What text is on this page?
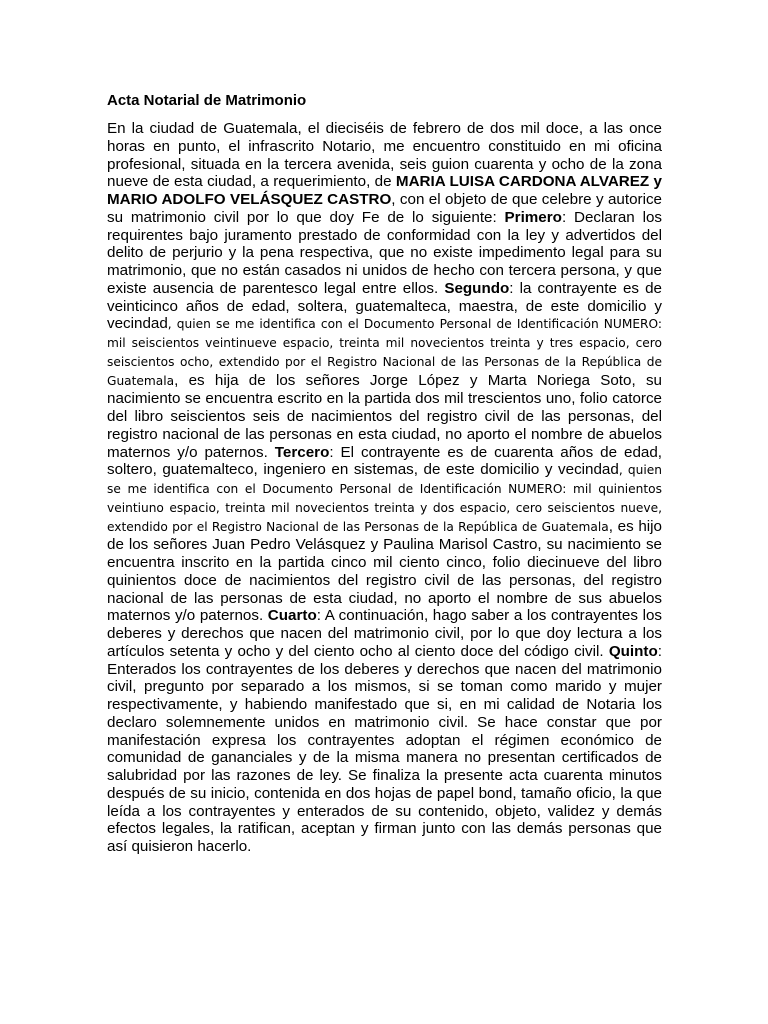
Acta Notarial de Matrimonio

En la ciudad de Guatemala, el dieciséis de febrero de dos mil doce, a las once horas en punto, el infrascrito Notario, me encuentro constituido en mi oficina profesional, situada en la tercera avenida, seis guion cuarenta y ocho de la zona nueve de esta ciudad, a requerimiento, de MARIA LUISA CARDONA ALVAREZ y MARIO ADOLFO VELÁSQUEZ CASTRO, con el objeto de que celebre y autorice su matrimonio civil por lo que doy Fe de lo siguiente: Primero: Declaran los requirentes bajo juramento prestado de conformidad con la ley y advertidos del delito de perjurio y la pena respectiva, que no existe impedimento legal para su matrimonio, que no están casados ni unidos de hecho con tercera persona, y que existe ausencia de parentesco legal entre ellos. Segundo: la contrayente es de veinticinco años de edad, soltera, guatemalteca, maestra, de este domicilio y vecindad, quien se me identifica con el Documento Personal de Identificación NUMERO: mil seiscientos veintinueve espacio, treinta mil novecientos treinta y tres espacio, cero seiscientos ocho, extendido por el Registro Nacional de las Personas de la República de Guatemala, es hija de los señores Jorge López y Marta Noriega Soto, su nacimiento se encuentra escrito en la partida dos mil trescientos uno, folio catorce del libro seiscientos seis de nacimientos del registro civil de las personas, del registro nacional de las personas en esta ciudad, no aporto el nombre de abuelos maternos y/o paternos. Tercero: El contrayente es de cuarenta años de edad, soltero, guatemalteco, ingeniero en sistemas, de este domicilio y vecindad, quien se me identifica con el Documento Personal de Identificación NUMERO: mil quinientos veintiuno espacio, treinta mil novecientos treinta y dos espacio, cero seiscientos nueve, extendido por el Registro Nacional de las Personas de la República de Guatemala, es hijo de los señores Juan Pedro Velásquez y Paulina Marisol Castro, su nacimiento se encuentra inscrito en la partida cinco mil ciento cinco, folio diecinueve del libro quinientos doce de nacimientos del registro civil de las personas, del registro nacional de las personas de esta ciudad, no aporto el nombre de sus abuelos maternos y/o paternos. Cuarto: A continuación, hago saber a los contrayentes los deberes y derechos que nacen del matrimonio civil, por lo que doy lectura a los artículos setenta y ocho y del ciento ocho al ciento doce del código civil. Quinto: Enterados los contrayentes de los deberes y derechos que nacen del matrimonio civil, pregunto por separado a los mismos, si se toman como marido y mujer respectivamente, y habiendo manifestado que si, en mi calidad de Notaria los declaro solemnemente unidos en matrimonio civil. Se hace constar que por manifestación expresa los contrayentes adoptan el régimen económico de comunidad de gananciales y de la misma manera no presentan certificados de salubridad por las razones de ley. Se finaliza la presente acta cuarenta minutos después de su inicio, contenida en dos hojas de papel bond, tamaño oficio, la que leída a los contrayentes y enterados de su contenido, objeto, validez y demás efectos legales, la ratifican, aceptan y firman junto con las demás personas que así quisieron hacerlo.
